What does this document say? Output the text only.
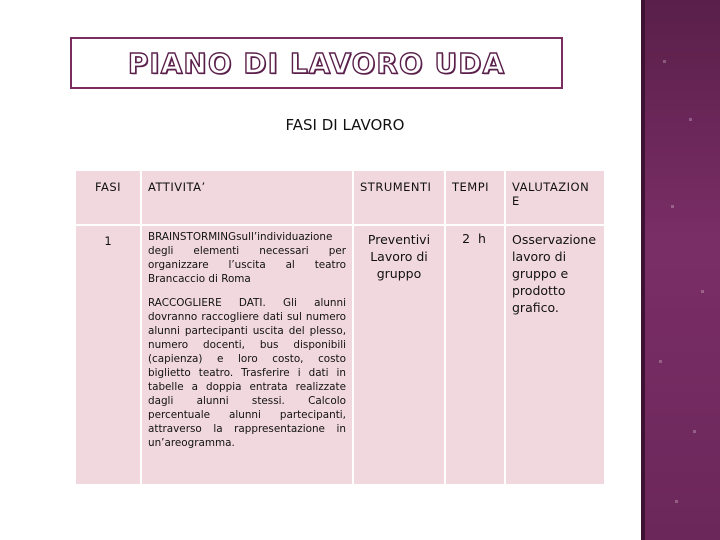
PIANO DI LAVORO UDA
FASI DI LAVORO
FASI	ATTIVITA’	STRUMENTI	TEMPI	VALUTAZION E
1	BRAINSTORMINGsull’individuazione degli elementi necessari per organizzare l’uscita al teatro Brancaccio di Roma

RACCOGLIERE DATI. Gli alunni dovranno raccogliere dati sul numero alunni partecipanti uscita del plesso, numero docenti, bus disponibili (capienza) e loro costo, costo biglietto teatro. Trasferire i dati in tabelle a doppia entrata realizzate dagli alunni stessi. Calcolo percentuale alunni partecipanti, attraverso la rappresentazione in un’areogramma.	Preventivi Lavoro di gruppo	2 h	Osservazione lavoro di gruppo e prodotto grafico.
